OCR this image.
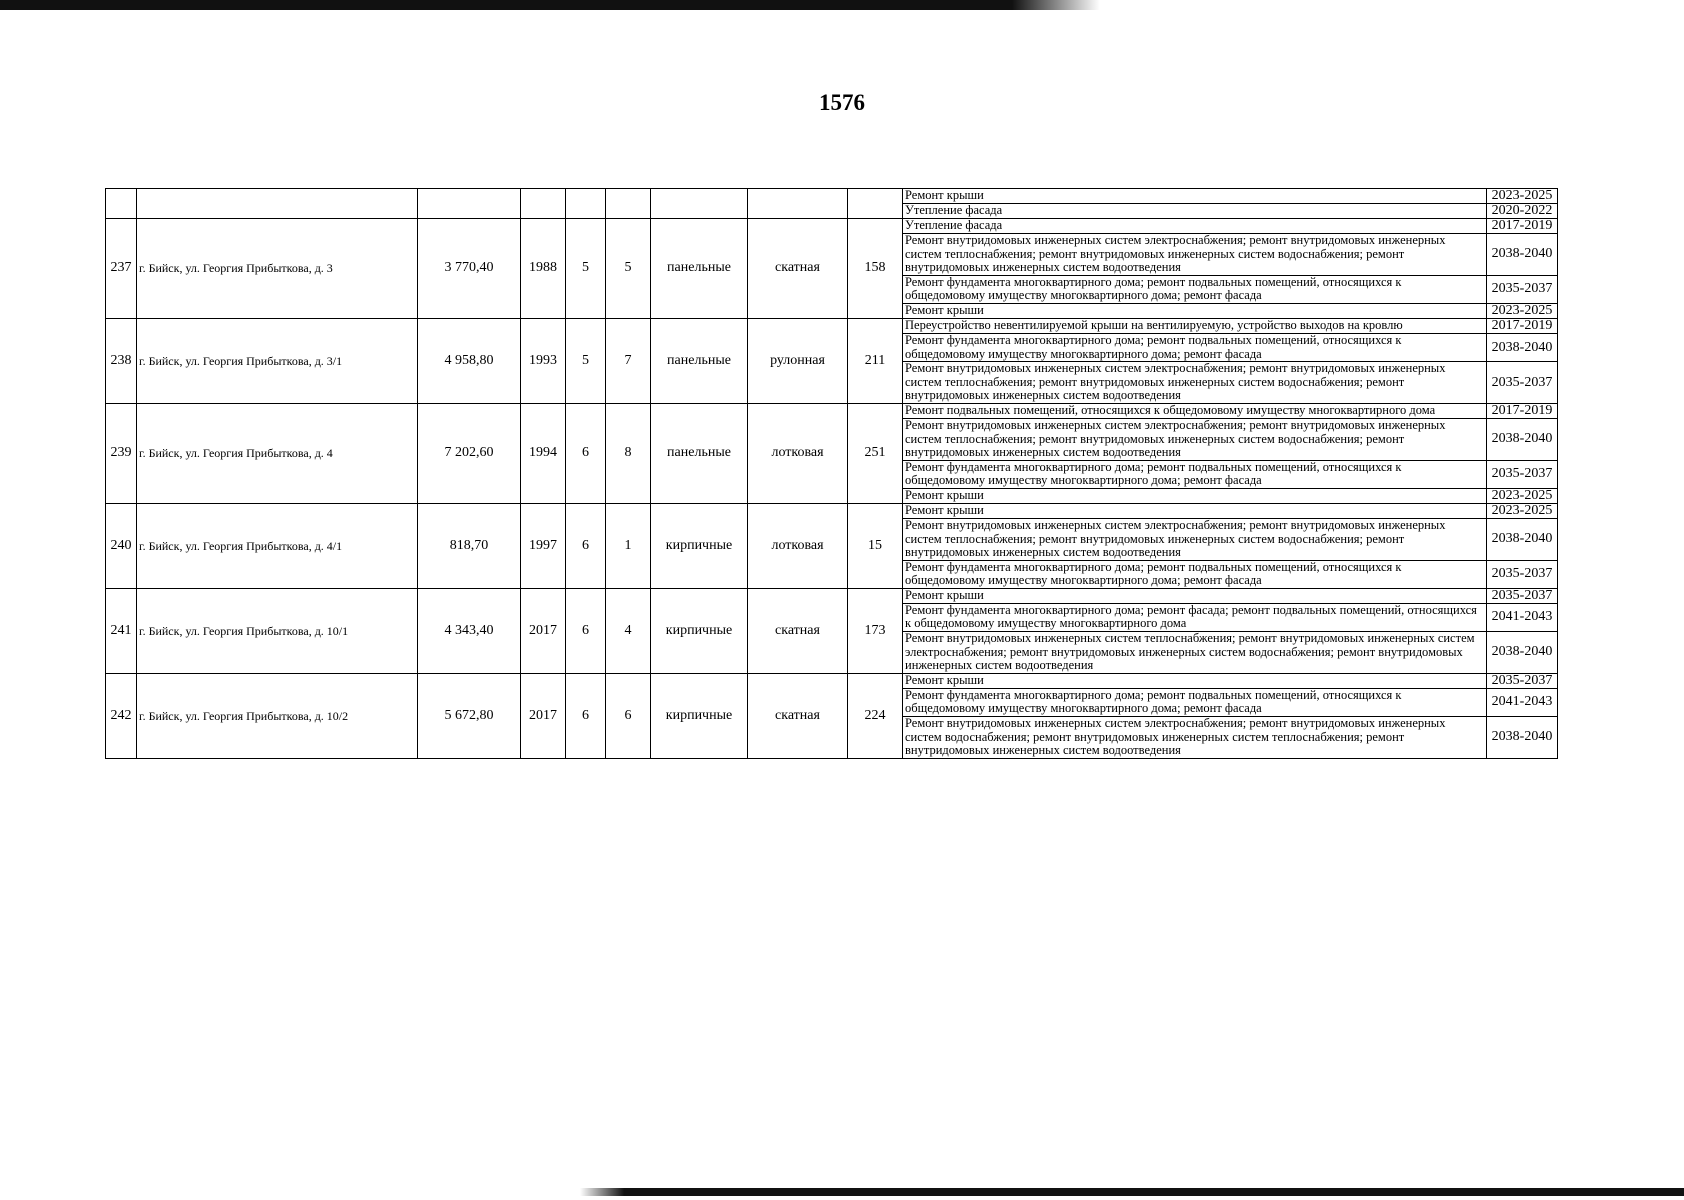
1576
									Ремонт крыши	2023-2025
									Утепление фасада	2020-2022
237	г. Бийск, ул. Георгия Прибыткова, д. 3	3 770,40	1988	5	5	панельные	скатная	158	Утепление фасада	2017-2019
									Ремонт внутридомовых инженерных систем электроснабжения; ремонт внутридомовых инженерных систем теплоснабжения; ремонт внутридомовых инженерных систем водоснабжения; ремонт внутридомовых инженерных систем водоотведения	2038-2040
									Ремонт фундамента многоквартирного дома; ремонт подвальных помещений, относящихся к общедомовому имуществу многоквартирного дома; ремонт фасада	2035-2037
									Ремонт крыши	2023-2025
238	г. Бийск, ул. Георгия Прибыткова, д. 3/1	4 958,80	1993	5	7	панельные	рулонная	211	Переустройство невентилируемой крыши на вентилируемую, устройство выходов на кровлю	2017-2019
									Ремонт фундамента многоквартирного дома; ремонт подвальных помещений, относящихся к общедомовому имуществу многоквартирного дома; ремонт фасада	2038-2040
									Ремонт внутридомовых инженерных систем электроснабжения; ремонт внутридомовых инженерных систем теплоснабжения; ремонт внутридомовых инженерных систем водоснабжения; ремонт внутридомовых инженерных систем водоотведения	2035-2037
239	г. Бийск, ул. Георгия Прибыткова, д. 4	7 202,60	1994	6	8	панельные	лотковая	251	Ремонт подвальных помещений, относящихся к общедомовому имуществу многоквартирного дома	2017-2019
									Ремонт внутридомовых инженерных систем электроснабжения; ремонт внутридомовых инженерных систем теплоснабжения; ремонт внутридомовых инженерных систем водоснабжения; ремонт внутридомовых инженерных систем водоотведения	2038-2040
									Ремонт фундамента многоквартирного дома; ремонт подвальных помещений, относящихся к общедомовому имуществу многоквартирного дома; ремонт фасада	2035-2037
									Ремонт крыши	2023-2025
240	г. Бийск, ул. Георгия Прибыткова, д. 4/1	818,70	1997	6	1	кирпичные	лотковая	15	Ремонт крыши	2023-2025
									Ремонт внутридомовых инженерных систем электроснабжения; ремонт внутридомовых инженерных систем теплоснабжения; ремонт внутридомовых инженерных систем водоснабжения; ремонт внутридомовых инженерных систем водоотведения	2038-2040
									Ремонт фундамента многоквартирного дома; ремонт подвальных помещений, относящихся к общедомовому имуществу многоквартирного дома; ремонт фасада	2035-2037
241	г. Бийск, ул. Георгия Прибыткова, д. 10/1	4 343,40	2017	6	4	кирпичные	скатная	173	Ремонт крыши	2035-2037
									Ремонт фундамента многоквартирного дома; ремонт фасада; ремонт подвальных помещений, относящихся к общедомовому имуществу многоквартирного дома	2041-2043
									Ремонт внутридомовых инженерных систем теплоснабжения; ремонт внутридомовых инженерных систем электроснабжения; ремонт внутридомовых инженерных систем водоснабжения; ремонт внутридомовых инженерных систем водоотведения	2038-2040
242	г. Бийск, ул. Георгия Прибыткова, д. 10/2	5 672,80	2017	6	6	кирпичные	скатная	224	Ремонт крыши	2035-2037
									Ремонт фундамента многоквартирного дома; ремонт подвальных помещений, относящихся к общедомовому имуществу многоквартирного дома; ремонт фасада	2041-2043
									Ремонт внутридомовых инженерных систем электроснабжения; ремонт внутридомовых инженерных систем водоснабжения; ремонт внутридомовых инженерных систем теплоснабжения; ремонт внутридомовых инженерных систем водоотведения	2038-2040
